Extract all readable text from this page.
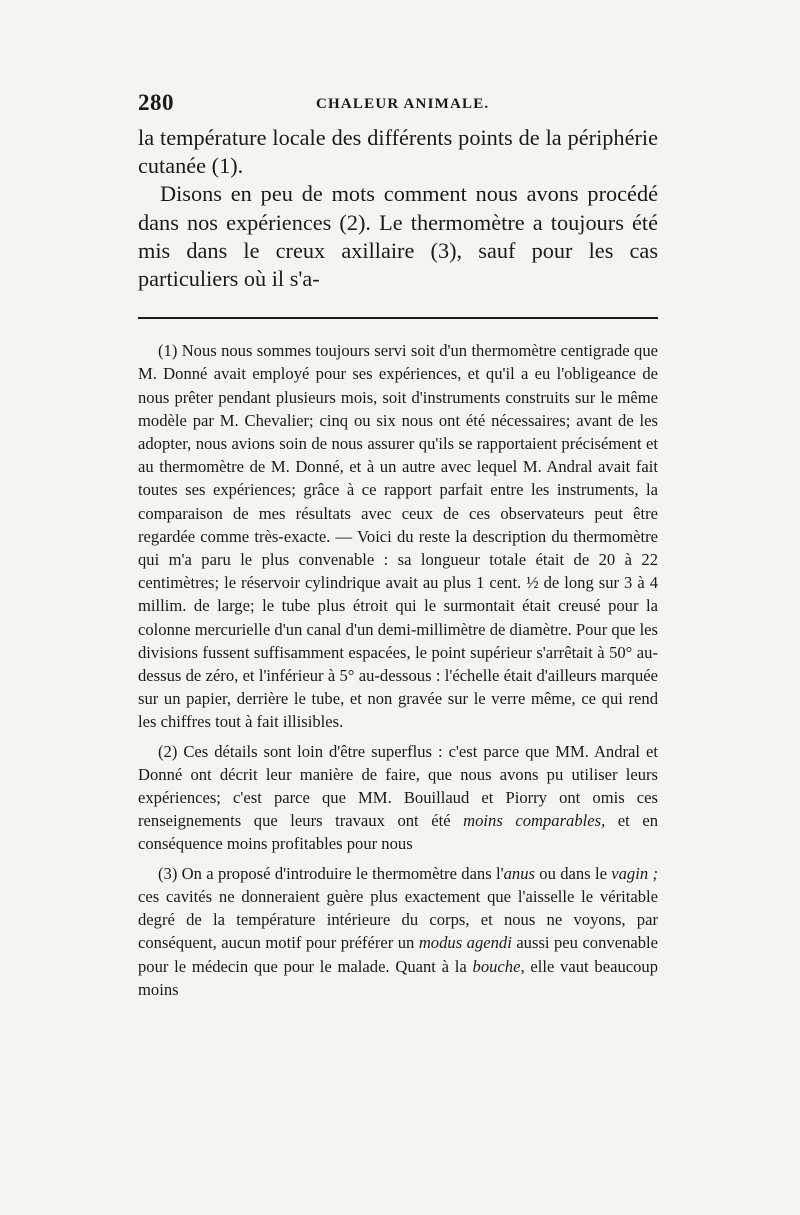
280	CHALEUR ANIMALE.

la température locale des différents points de la périphérie cutanée (1).

Disons en peu de mots comment nous avons procédé dans nos expériences (2). Le thermomètre a toujours été mis dans le creux axillaire (3), sauf pour les cas particuliers où il s'a-

(1) Nous nous sommes toujours servi soit d'un thermomètre centigrade que M. Donné avait employé pour ses expériences, et qu'il a eu l'obligeance de nous prêter pendant plusieurs mois, soit d'instruments construits sur le même modèle par M. Chevalier; cinq ou six nous ont été nécessaires; avant de les adopter, nous avions soin de nous assurer qu'ils se rapportaient précisément et au thermomètre de M. Donné, et à un autre avec lequel M. Andral avait fait toutes ses expériences; grâce à ce rapport parfait entre les instruments, la comparaison de mes résultats avec ceux de ces observateurs peut être regardée comme très-exacte. — Voici du reste la description du thermomètre qui m'a paru le plus convenable : sa longueur totale était de 20 à 22 centimètres; le réservoir cylindrique avait au plus 1 cent. ½ de long sur 3 à 4 millim. de large; le tube plus étroit qui le surmontait était creusé pour la colonne mercurielle d'un canal d'un demi-millimètre de diamètre. Pour que les divisions fussent suffisamment espacées, le point supérieur s'arrêtait à 50° au-dessus de zéro, et l'inférieur à 5° au-dessous : l'échelle était d'ailleurs marquée sur un papier, derrière le tube, et non gravée sur le verre même, ce qui rend les chiffres tout à fait illisibles.

(2) Ces détails sont loin d'être superflus : c'est parce que MM. Andral et Donné ont décrit leur manière de faire, que nous avons pu utiliser leurs expériences; c'est parce que MM. Bouillaud et Piorry ont omis ces renseignements que leurs travaux ont été moins comparables, et en conséquence moins profitables pour nous

(3) On a proposé d'introduire le thermomètre dans l'anus ou dans le vagin ; ces cavités ne donneraient guère plus exactement que l'aisselle le véritable degré de la température intérieure du corps, et nous ne voyons, par conséquent, aucun motif pour préférer un modus agendi aussi peu convenable pour le médecin que pour le malade. Quant à la bouche, elle vaut beaucoup moins
